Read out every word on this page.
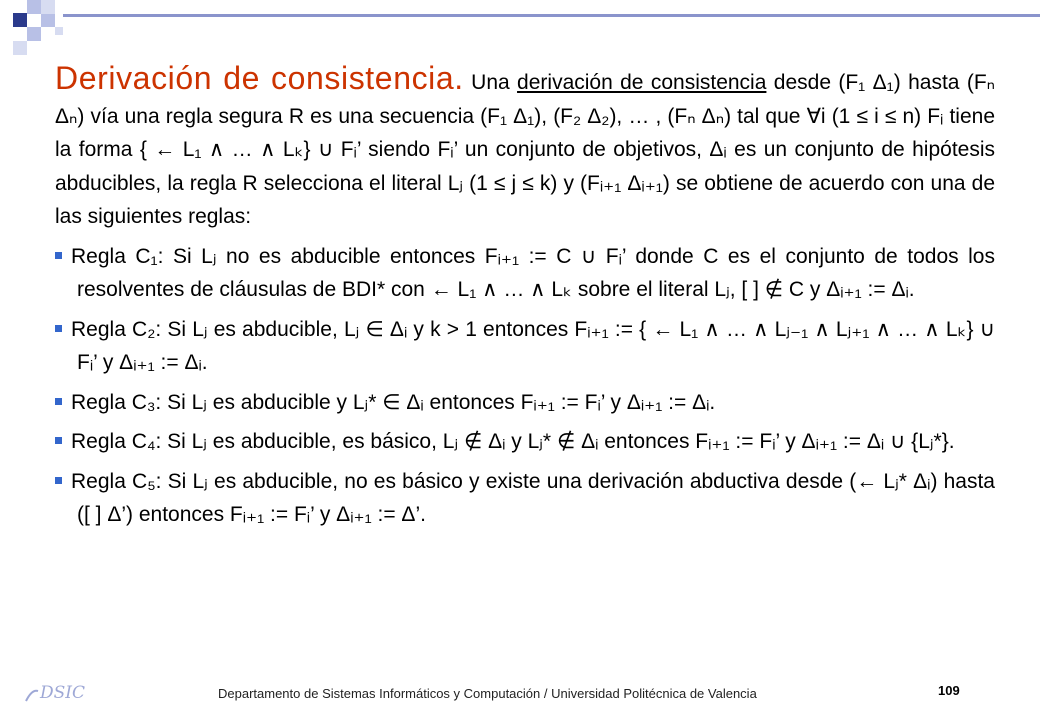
Derivación de consistencia. Una derivación de consistencia desde (F₁ Δ₁) hasta (Fₙ Δₙ) vía una regla segura R es una secuencia (F₁ Δ₁), (F₂ Δ₂), … , (Fₙ Δₙ) tal que ∀i (1 ≤ i ≤ n) Fᵢ tiene la forma { ← L₁ ∧ … ∧ Lₖ} ∪ Fᵢ’ siendo Fᵢ’ un conjunto de objetivos, Δᵢ es un conjunto de hipótesis abducibles, la regla R selecciona el literal Lⱼ (1 ≤ j ≤ k) y (Fᵢ₊₁ Δᵢ₊₁) se obtiene de acuerdo con una de las siguientes reglas:

Regla C₁: Si Lⱼ no es abducible entonces Fᵢ₊₁ := C ∪ Fᵢ’ donde C es el conjunto de todos los resolventes de cláusulas de BDI* con ← L₁ ∧ … ∧ Lₖ sobre el literal Lⱼ, [ ] ∉ C y Δᵢ₊₁ := Δᵢ.

Regla C₂: Si Lⱼ es abducible, Lⱼ ∈ Δᵢ y k > 1 entonces Fᵢ₊₁ := { ← L₁ ∧ … ∧ Lⱼ₋₁ ∧ Lⱼ₊₁ ∧ … ∧ Lₖ} ∪ Fᵢ’ y Δᵢ₊₁ := Δᵢ.

Regla C₃: Si Lⱼ es abducible y Lⱼ* ∈ Δᵢ entonces Fᵢ₊₁ := Fᵢ’ y Δᵢ₊₁ := Δᵢ.

Regla C₄: Si Lⱼ es abducible, es básico, Lⱼ ∉ Δᵢ y Lⱼ* ∉ Δᵢ entonces Fᵢ₊₁ := Fᵢ’ y Δᵢ₊₁ := Δᵢ ∪ {Lⱼ*}.

Regla C₅: Si Lⱼ es abducible, no es básico y existe una derivación abductiva desde (← Lⱼ* Δᵢ) hasta ([ ] Δ’) entonces Fᵢ₊₁ := Fᵢ’ y Δᵢ₊₁ := Δ’.

DSIC	Departamento de Sistemas Informáticos y Computación / Universidad Politécnica de Valencia	109
